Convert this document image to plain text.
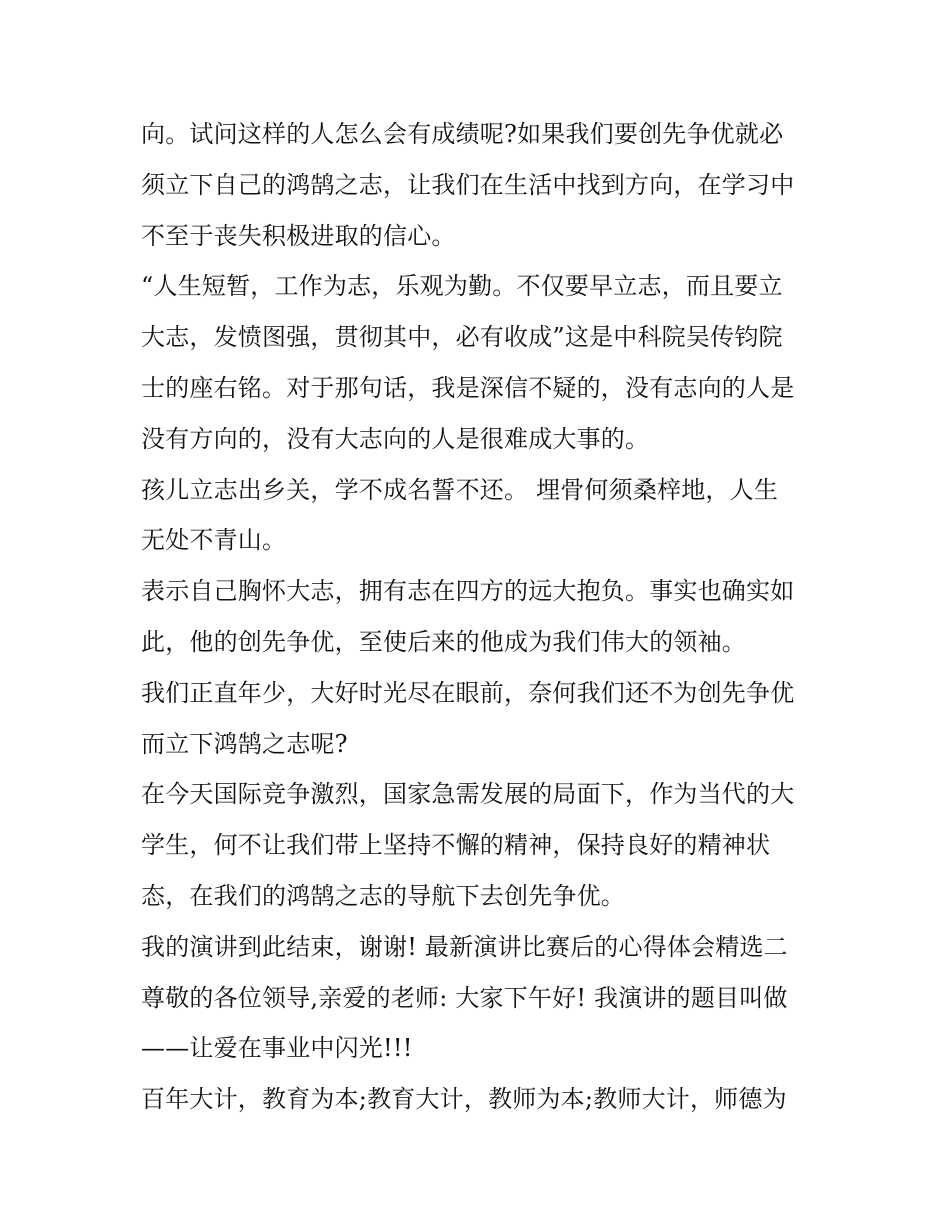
向。试问这样的人怎么会有成绩呢?如果我们要创先争优就必
须立下自己的鸿鹄之志，让我们在生活中找到方向，在学习中
不至于丧失积极进取的信心。
“人生短暂，工作为志，乐观为勤。不仅要早立志，而且要立
大志，发愤图强，贯彻其中，必有收成”这是中科院吴传钧院
士的座右铭。对于那句话，我是深信不疑的，没有志向的人是
没有方向的，没有大志向的人是很难成大事的。
孩儿立志出乡关，学不成名誓不还。 埋骨何须桑梓地，人生
无处不青山。
表示自己胸怀大志，拥有志在四方的远大抱负。事实也确实如
此，他的创先争优，至使后来的他成为我们伟大的领袖。
我们正直年少，大好时光尽在眼前，奈何我们还不为创先争优
而立下鸿鹄之志呢?
在今天国际竞争激烈，国家急需发展的局面下，作为当代的大
学生，何不让我们带上坚持不懈的精神，保持良好的精神状
态，在我们的鸿鹄之志的导航下去创先争优。
我的演讲到此结束，谢谢! 最新演讲比赛后的心得体会精选二
尊敬的各位领导,亲爱的老师: 大家下午好! 我演讲的题目叫做
——让爱在事业中闪光!!!
百年大计，教育为本;教育大计，教师为本;教师大计，师德为
